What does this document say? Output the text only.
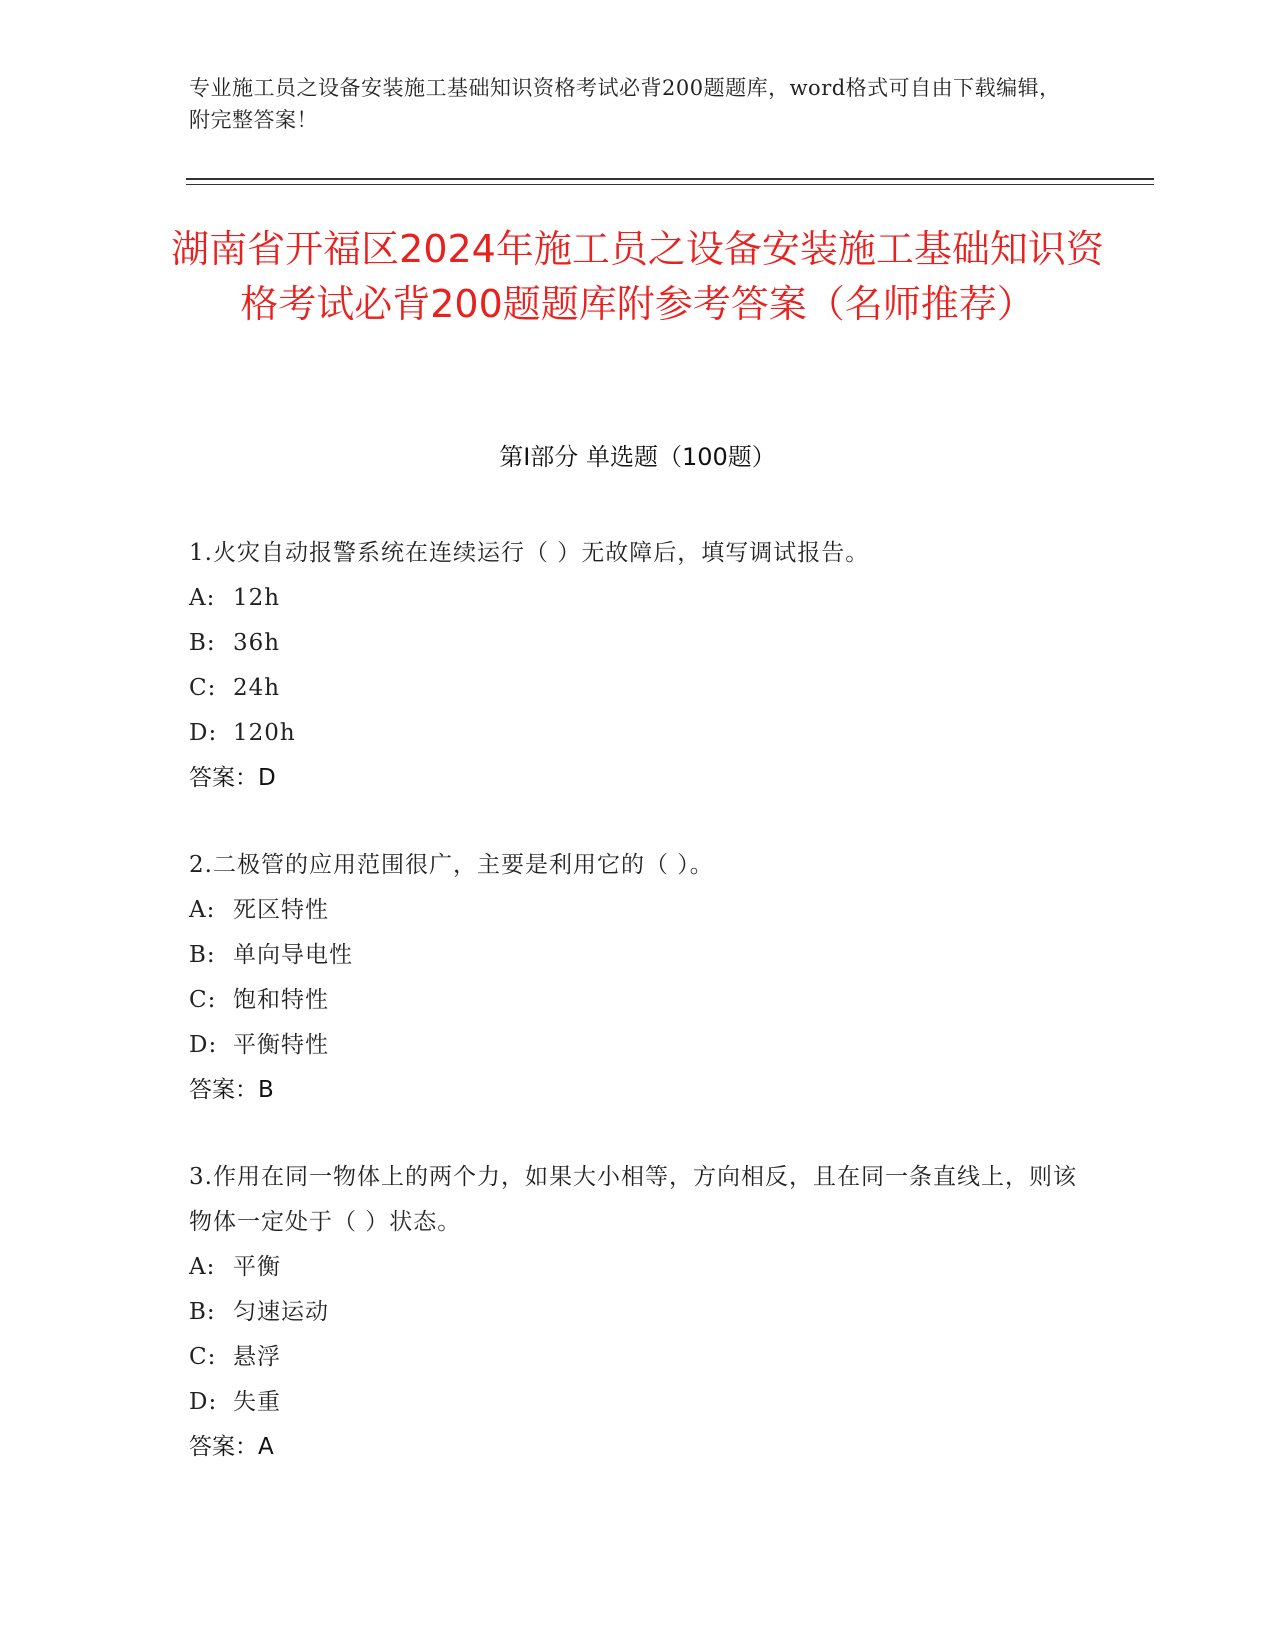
专业施工员之设备安装施工基础知识资格考试必背200题题库，word格式可自由下载编辑，附完整答案！
湖南省开福区2024年施工员之设备安装施工基础知识资格考试必背200题题库附参考答案（名师推荐）
第Ⅰ部分 单选题（100题）
1.火灾自动报警系统在连续运行（ ）无故障后，填写调试报告。
A: 12h
B: 36h
C: 24h
D: 120h
答案：D
2.二极管的应用范围很广，主要是利用它的（ ）。
A: 死区特性
B: 单向导电性
C: 饱和特性
D: 平衡特性
答案：B
3.作用在同一物体上的两个力，如果大小相等，方向相反，且在同一条直线上，则该物体一定处于（ ）状态。
A: 平衡
B: 匀速运动
C: 悬浮
D: 失重
答案：A
